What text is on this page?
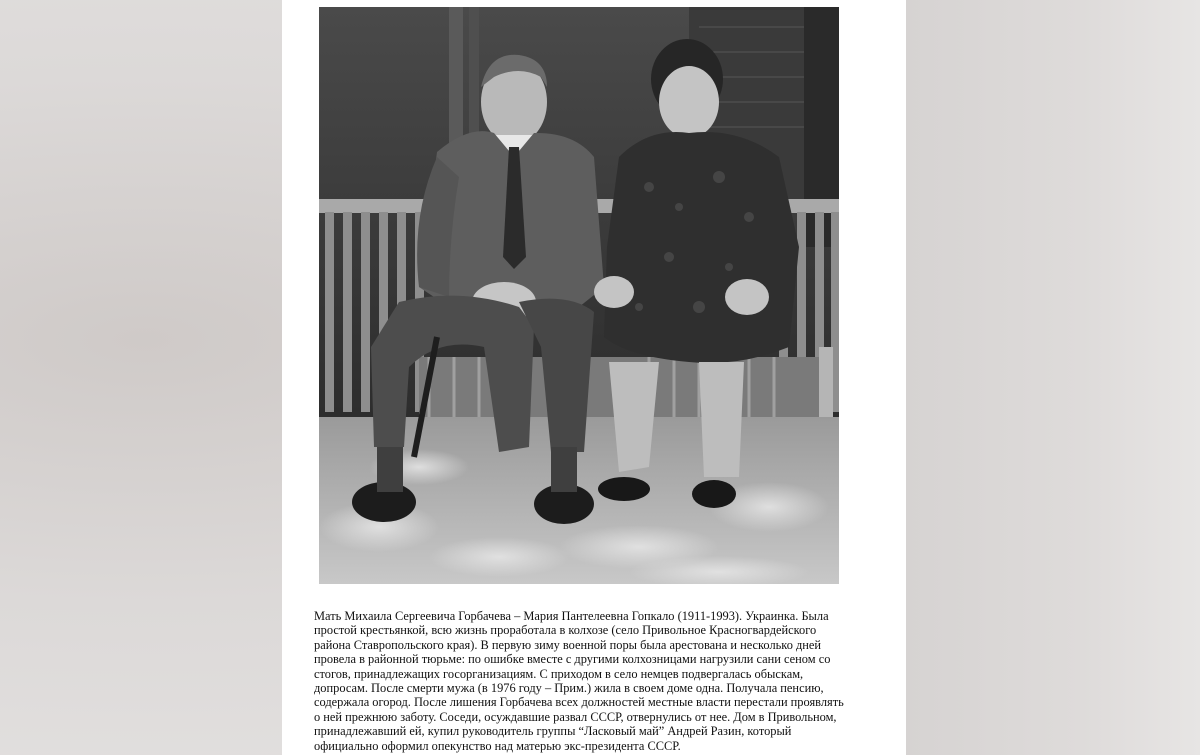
Мать Михаила Сергеевича Горбачева – Мария Пантелеевна Гопкало (1911-1993). Украинка. Была
простой крестьянкой, всю жизнь проработала в колхозе (село Привольное Красногвардейского
района Ставропольского края). В первую зиму военной поры была арестована и несколько дней
провела в районной тюрьме: по ошибке вместе с другими колхозницами нагрузили сани сеном со
стогов, принадлежащих госорганизациям. С приходом в село немцев подвергалась обыскам,
допросам. После смерти мужа (в 1976 году – Прим.) жила в своем доме одна. Получала пенсию,
содержала огород. После лишения Горбачева всех должностей местные власти перестали проявлять
о ней прежнюю заботу. Соседи, осуждавшие развал СССР, отвернулись от нее. Дом в Привольном,
принадлежавший ей, купил руководитель группы “Ласковый май” Андрей Разин, который
официально оформил опекунство над матерью экс-президента СССР.
